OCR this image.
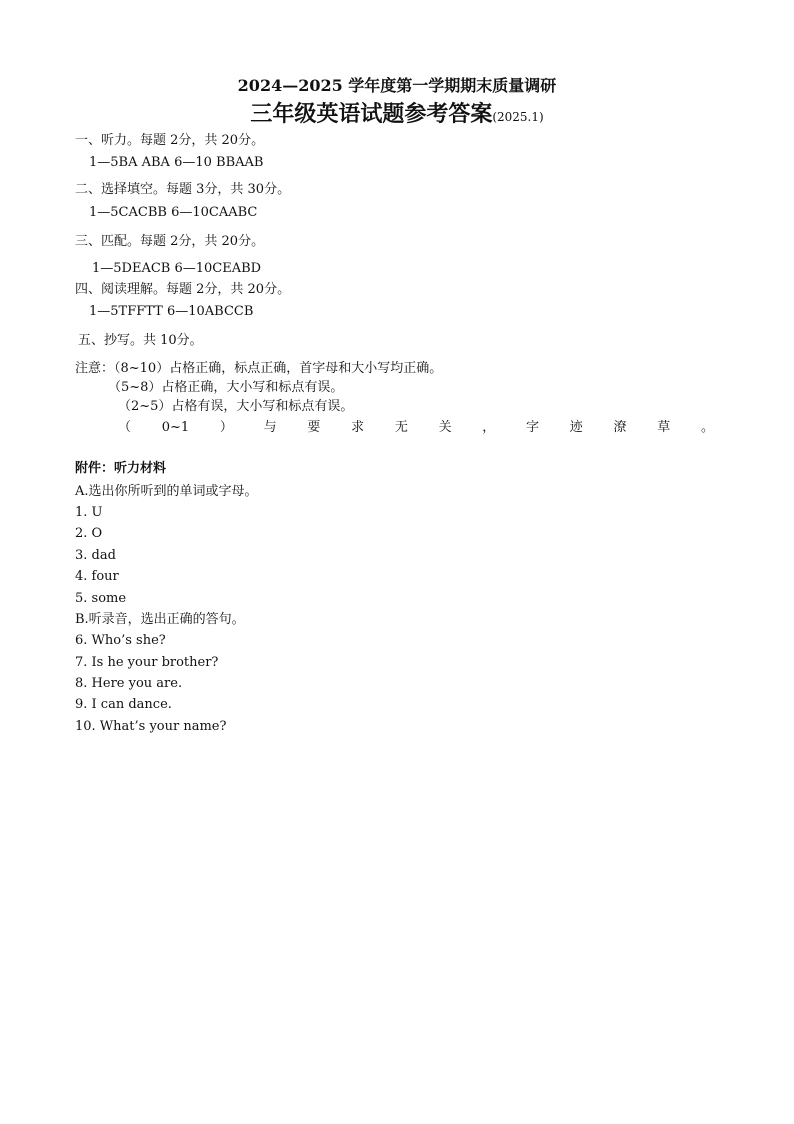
2024—2025 学年度第一学期期末质量调研
三年级英语试题参考答案(2025.1)
一、听力。每题 2分，共 20分。
1—5BA ABA 6—10 BBAAB
二、选择填空。每题 3分，共 30分。
1—5CACBB 6—10CAABC
三、匹配。每题 2分，共 20分。
1—5DEACB 6—10CEABD
四、阅读理解。每题 2分，共 20分。
1—5TFFTT 6—10ABCCB
五、抄写。共 10分。
注意：（8~10）占格正确，标点正确，首字母和大小写均正确。
（5~8）占格正确，大小写和标点有误。
（2~5）占格有误，大小写和标点有误。
（ 0~1 ） 与 要 求 无 关 ， 字 迹 潦 草 。
附件：听力材料
A.选出你所听到的单词或字母。
1. U
2. O
3. dad
4. four
5. some
B.听录音，选出正确的答句。
6. Who’s she?
7. Is he your brother?
8. Here you are.
9. I can dance.
10. What’s your name?
